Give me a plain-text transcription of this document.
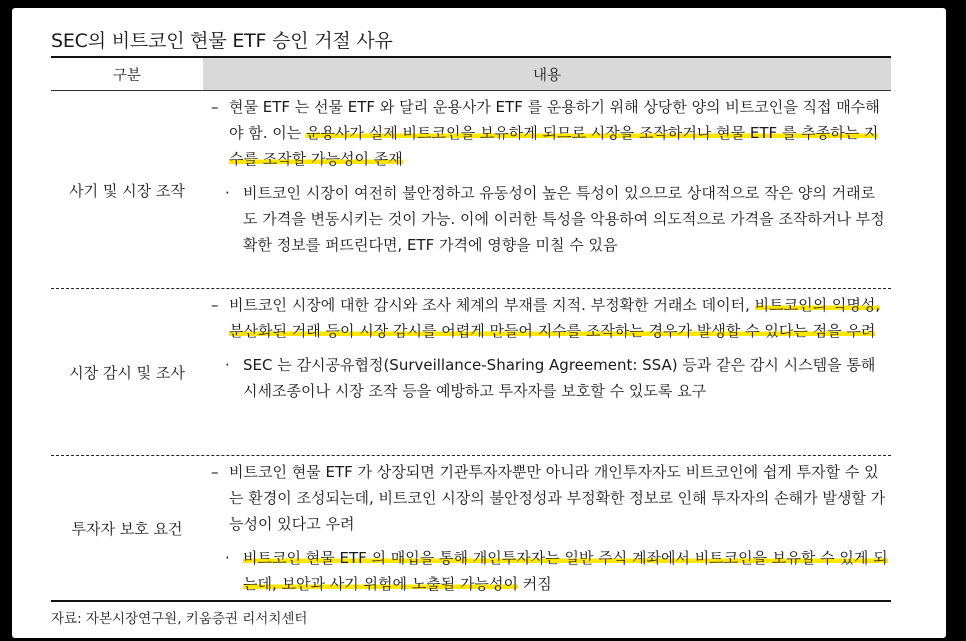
SEC의 비트코인 현물 ETF 승인 거절 사유
구분	내용
사기 및 시장 조작
– 현물 ETF 는 선물 ETF 와 달리 운용사가 ETF 를 운용하기 위해 상당한 양의 비트코인을 직접 매수해야 함. 이는 운용사가 실제 비트코인을 보유하게 되므로 시장을 조작하거나 현물 ETF 를 추종하는 지수를 조작할 가능성이 존재
· 비트코인 시장이 여전히 불안정하고 유동성이 높은 특성이 있으므로 상대적으로 작은 양의 거래로도 가격을 변동시키는 것이 가능. 이에 이러한 특성을 악용하여 의도적으로 가격을 조작하거나 부정확한 정보를 퍼뜨린다면, ETF 가격에 영향을 미칠 수 있음
시장 감시 및 조사
– 비트코인 시장에 대한 감시와 조사 체계의 부재를 지적. 부정확한 거래소 데이터, 비트코인의 익명성, 분산화된 거래 등이 시장 감시를 어렵게 만들어 지수를 조작하는 경우가 발생할 수 있다는 점을 우려
· SEC 는 감시공유협정(Surveillance-Sharing Agreement: SSA) 등과 같은 감시 시스템을 통해 시세조종이나 시장 조작 등을 예방하고 투자자를 보호할 수 있도록 요구
투자자 보호 요건
– 비트코인 현물 ETF 가 상장되면 기관투자자뿐만 아니라 개인투자자도 비트코인에 쉽게 투자할 수 있는 환경이 조성되는데, 비트코인 시장의 불안정성과 부정확한 정보로 인해 투자자의 손해가 발생할 가능성이 있다고 우려
· 비트코인 현물 ETF 의 매입을 통해 개인투자자는 일반 주식 계좌에서 비트코인을 보유할 수 있게 되는데, 보안과 사기 위험에 노출될 가능성이 커짐
자료: 자본시장연구원, 키움증권 리서치센터
